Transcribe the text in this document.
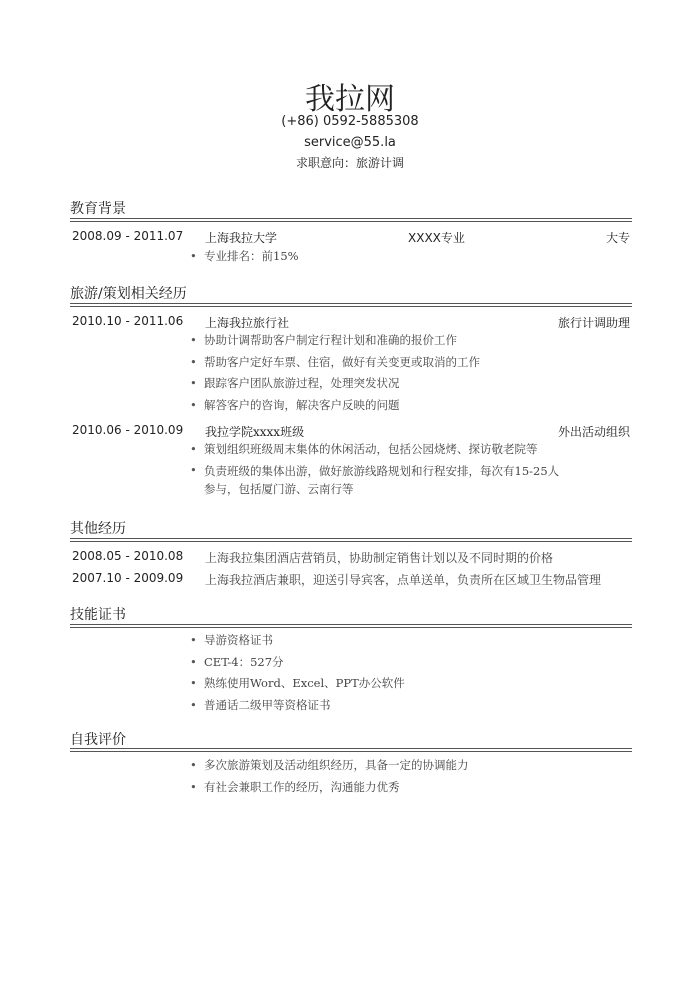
我拉网
(+86) 0592-5885308
service@55.la
求职意向：旅游计调
教育背景
2008.09 - 2011.07 上海我拉大学	XXXX专业	大专
• 专业排名：前15%
旅游/策划相关经历
2010.10 - 2011.06 上海我拉旅行社	旅行计调助理
• 协助计调帮助客户制定行程计划和准确的报价工作
• 帮助客户定好车票、住宿，做好有关变更或取消的工作
• 跟踪客户团队旅游过程，处理突发状况
• 解答客户的咨询，解决客户反映的问题
2010.06 - 2010.09 我拉学院xxxx班级	外出活动组织
• 策划组织班级周末集体的休闲活动，包括公园烧烤、探访敬老院等
• 负责班级的集体出游，做好旅游线路规划和行程安排，每次有15-25人参与，包括厦门游、云南行等
其他经历
2008.05 - 2010.08 上海我拉集团酒店营销员，协助制定销售计划以及不同时期的价格
2007.10 - 2009.09 上海我拉酒店兼职，迎送引导宾客，点单送单，负责所在区域卫生物品管理
技能证书
• 导游资格证书
• CET-4：527分
• 熟练使用Word、Excel、PPT办公软件
• 普通话二级甲等资格证书
自我评价
• 多次旅游策划及活动组织经历，具备一定的协调能力
• 有社会兼职工作的经历，沟通能力优秀
